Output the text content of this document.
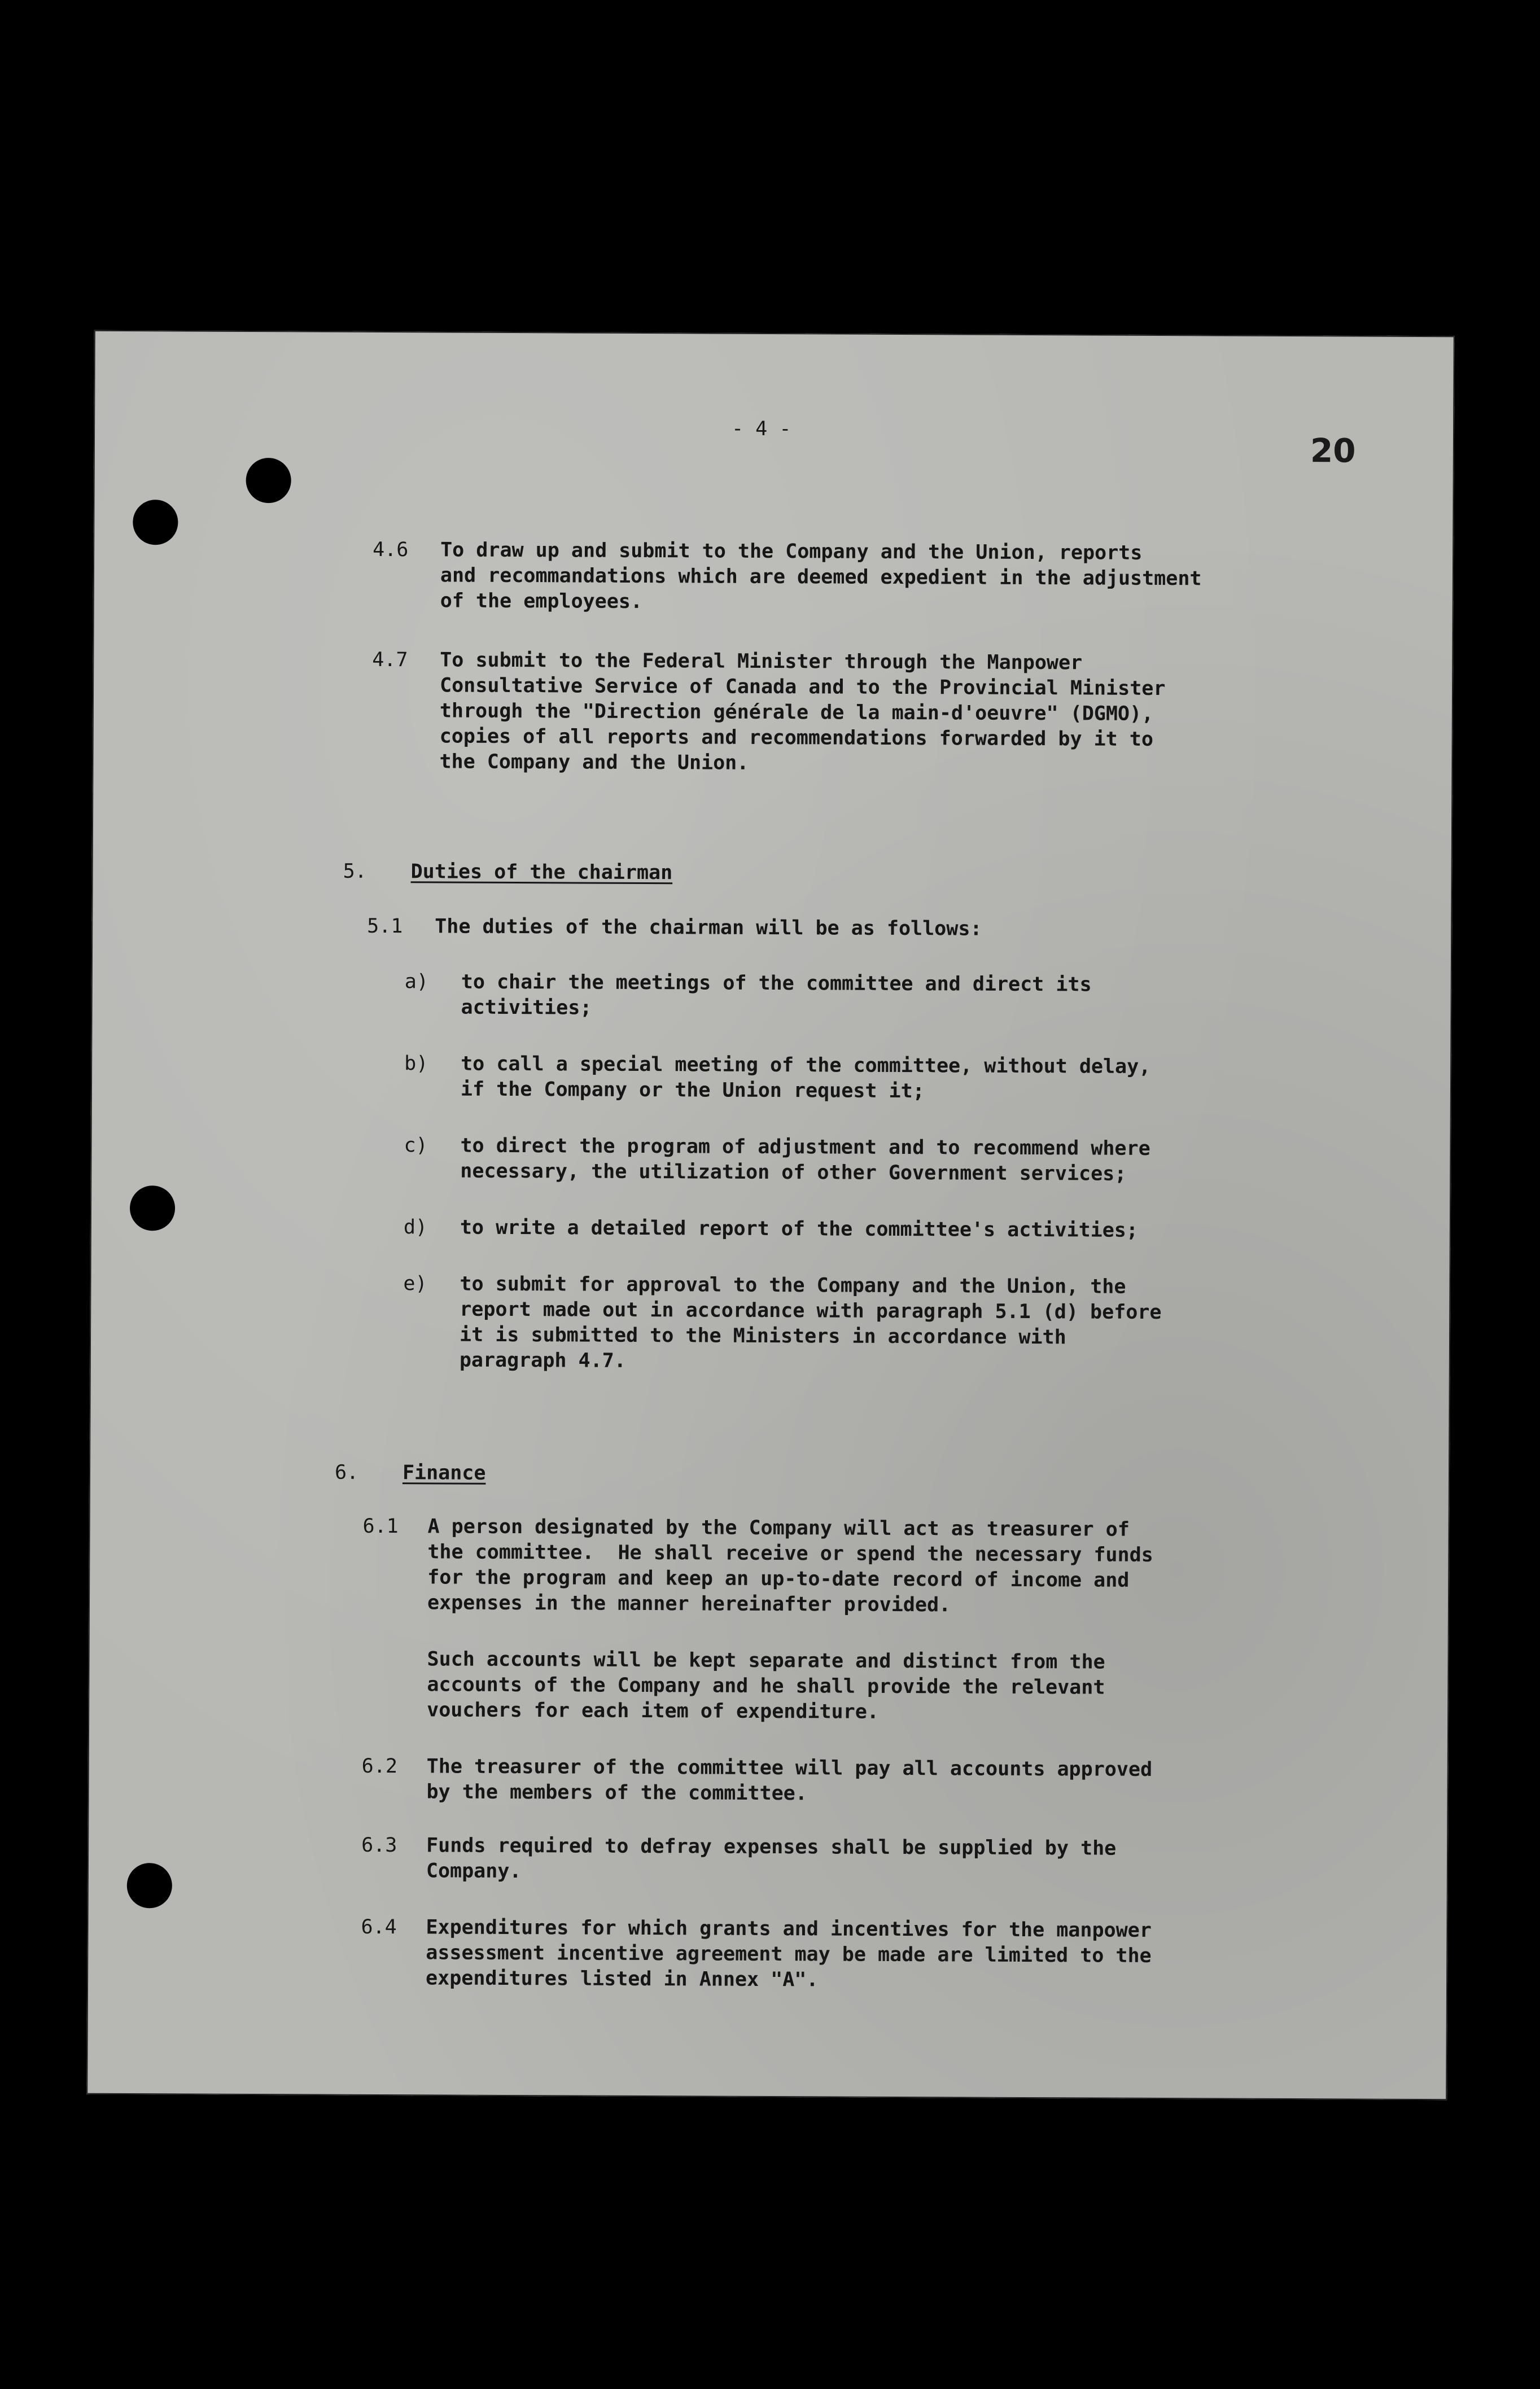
- 4 -
20
4.6 To draw up and submit to the Company and the Union, reports
and recommandations which are deemed expedient in the adjustment
of the employees.

4.7 To submit to the Federal Minister through the Manpower
Consultative Service of Canada and to the Provincial Minister
through the "Direction générale de la main-d'oeuvre" (DGMO),
copies of all reports and recommendations forwarded by it to
the Company and the Union.

5. Duties of the chairman
5.1 The duties of the chairman will be as follows:

a) to chair the meetings of the committee and direct its
activities;

b) to call a special meeting of the committee, without delay,
if the Company or the Union request it;

c) to direct the program of adjustment and to recommend where
necessary, the utilization of other Government services;

d) to write a detailed report of the committee's activities;

e) to submit for approval to the Company and the Union, the
report made out in accordance with paragraph 5.1 (d) before
it is submitted to the Ministers in accordance with
paragraph 4.7.

6. Finance
6.1 A person designated by the Company will act as treasurer of
the committee.  He shall receive or spend the necessary funds
for the program and keep an up-to-date record of income and
expenses in the manner hereinafter provided.

Such accounts will be kept separate and distinct from the
accounts of the Company and he shall provide the relevant
vouchers for each item of expenditure.

6.2 The treasurer of the committee will pay all accounts approved
by the members of the committee.

6.3 Funds required to defray expenses shall be supplied by the
Company.

6.4 Expenditures for which grants and incentives for the manpower
assessment incentive agreement may be made are limited to the
expenditures listed in Annex "A".
